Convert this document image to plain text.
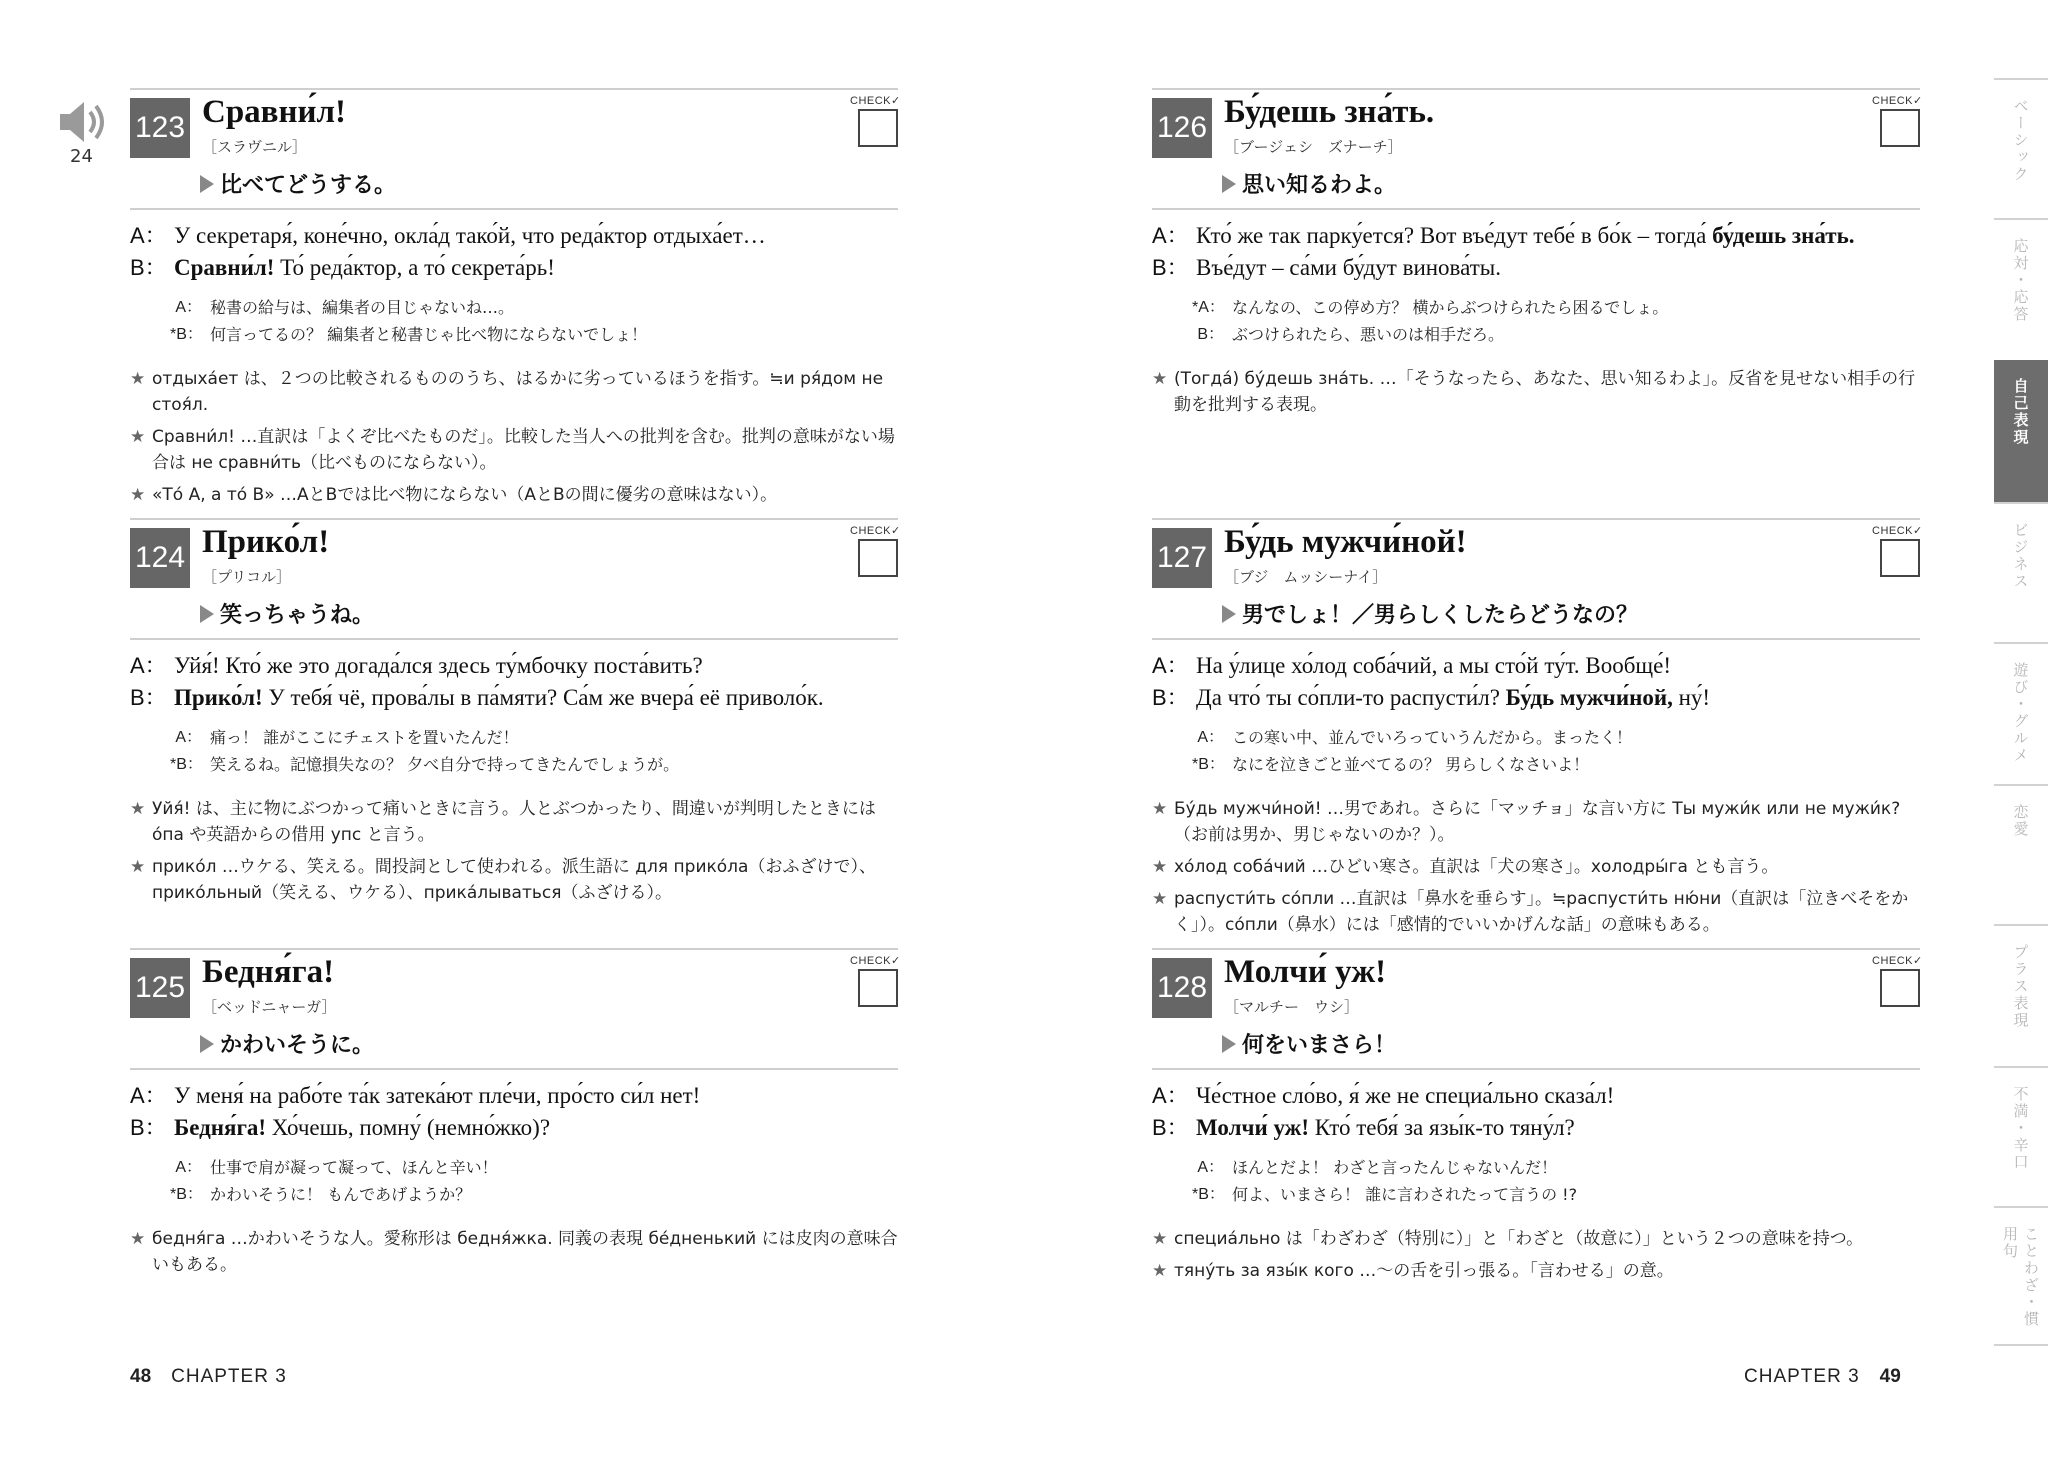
24
123 Сравни́л!
［スラヴニル］
CHECK✓
比べてどうする。
A： У секретаря́, коне́чно, окла́д тако́й, что реда́ктор отдыха́ет…
B： Сравни́л! То́ реда́ктор, а то́ секрета́рь!
A： 秘書の給与は、編集者の目じゃないね…。
*B： 何言ってるの？ 編集者と秘書じゃ比べ物にならないでしょ！
★ отдыха́ет は、２つの比較されるもののうち、はるかに劣っているほうを指す。≒и ря́дом не стоя́л.
★ Сравни́л! …直訳は「よくぞ比べたものだ」。比較した当人への批判を含む。批判の意味がない場合は не сравни́ть（比べものにならない）。
★ «То́ А, а то́ В» …AとBでは比べ物にならない（AとBの間に優劣の意味はない）。
124 Прико́л!
［プリコル］
CHECK✓
笑っちゃうね。
A： Уйя́! Кто́ же это догада́лся здесь ту́мбочку поста́вить?
B： Прико́л! У тебя́ чё, прова́лы в па́мяти? Са́м же вчера́ её приволо́к.
A： 痛っ！ 誰がここにチェストを置いたんだ！
*B： 笑えるね。記憶損失なの？ 夕べ自分で持ってきたんでしょうが。
★ Уйя́! は、主に物にぶつかって痛いときに言う。人とぶつかったり、間違いが判明したときには о́па や英語からの借用 упс と言う。
★ прико́л …ウケる、笑える。間投詞として使われる。派生語に для прико́ла（おふざけで）、прико́льный（笑える、ウケる）、прика́лываться（ふざける）。
125 Бедня́га!
［ベッドニャーガ］
CHECK✓
かわいそうに。
A： У меня́ на рабо́те та́к затека́ют пле́чи, про́сто си́л нет!
B： Бедня́га! Хо́чешь, помну́ (немно́жко)?
A： 仕事で肩が凝って凝って、ほんと辛い！
*B： かわいそうに！ もんであげようか？
★ бедня́га …かわいそうな人。愛称形は бедня́жка. 同義の表現 бе́дненький には皮肉の意味合いもある。
126 Бу́дешь зна́ть.
［ブージェシ　ズナーチ］
CHECK✓
思い知るわよ。
A： Кто́ же так парку́ется? Вот въе́дут тебе́ в бо́к – тогда́ бу́дешь зна́ть.
B： Въе́дут – са́ми бу́дут винова́ты.
*A： なんなの、この停め方？ 横からぶつけられたら困るでしょ。
B： ぶつけられたら、悪いのは相手だろ。
★ (Тогда́) бу́дешь зна́ть. …「そうなったら、あなた、思い知るわよ」。反省を見せない相手の行動を批判する表現。
127 Бу́дь мужчи́ной!
［ブジ　ムッシーナイ］
CHECK✓
男でしょ！／男らしくしたらどうなの？
A： На у́лице хо́лод соба́чий, а мы сто́й ту́т. Вообще́!
B： Да что́ ты со́пли-то распусти́л? Бу́дь мужчи́ной, ну́!
A： この寒い中、並んでいろっていうんだから。まったく！
*B： なにを泣きごと並べてるの？ 男らしくなさいよ！
★ Бу́дь мужчи́ной! …男であれ。さらに「マッチョ」な言い方に Ты мужи́к или не мужи́к?（お前は男か、男じゃないのか？）。
★ хо́лод соба́чий …ひどい寒さ。直訳は「犬の寒さ」。холодры́га とも言う。
★ распусти́ть со́пли …直訳は「鼻水を垂らす」。≒распусти́ть ню́ни（直訳は「泣きべそをかく」）。со́пли（鼻水）には「感情的でいいかげんな話」の意味もある。
128 Молчи́ уж!
［マルチー　ウシ］
CHECK✓
何をいまさら！
A： Че́стное сло́во, я́ же не специа́льно сказа́л!
B： Молчи́ уж! Кто́ тебя́ за язы́к-то тяну́л?
A： ほんとだよ！ わざと言ったんじゃないんだ！
*B： 何よ、いまさら！ 誰に言わされたって言うの !?
★ специа́льно は「わざわざ（特別に）」と「わざと（故意に）」という２つの意味を持つ。
★ тяну́ть за язы́к кого …〜の舌を引っ張る。「言わせる」の意。
48 CHAPTER 3	CHAPTER 3 49
ベーシック
応対・応答
自己表現
ビジネス
遊び・グルメ
恋愛
プラス表現
不満・辛口
ことわざ・慣用句
